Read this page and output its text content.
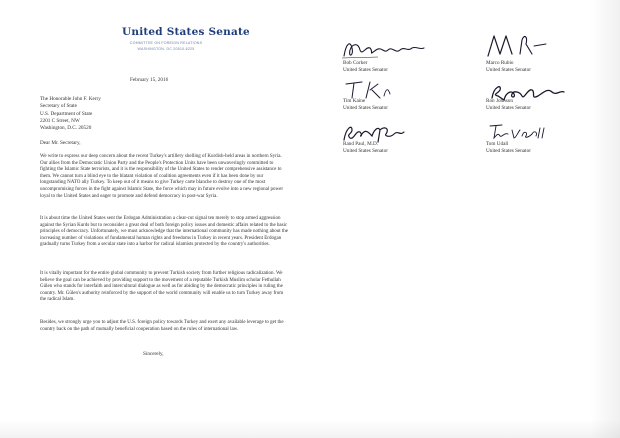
United States Senate
COMMITTEE ON FOREIGN RELATIONS
WASHINGTON, DC 20510-6225
February 15, 2016
The Honorable John F. Kerry
Secretary of State
U.S. Department of State
2201 C Street, NW
Washington, D.C. 20520
Dear Mr. Secretary,

We write to express our deep concern about the recent Turkey's artillery shelling of Kurdish-held areas in northern Syria. Our allies from the Democratic Union Party and the People's Protection Units have been unwaveringly committed to fighting the Islamic State terrorists, and it is the responsibility of the United States to render comprehensive assistance to them. We cannot turn a blind eye to the blatant violation of coalition agreements even if it has been done by our longstanding NATO ally Turkey. To keep out of it means to give Turkey carte blanche to destroy one of the most uncompromising forces in the fight against Islamic State, the force which may in future evolve into a new regional power loyal to the United States and eager to promote and defend democracy in post-war Syria.

It is about time the United States sent the Erdogan Administration a clear-cut signal ten merely to stop armed aggression against the Syrian Kurds but to reconsider a great deal of both foreign policy issues and domestic affairs related to the basic principles of democracy. Unfortunately, we must acknowledge that the international community has made nothing about the increasing number of violations of fundamental human rights and freedoms in Turkey in recent years. President Erdogan gradually turns Turkey from a secular state into a harbor for radical islamists protected by the country's authorities.

It is vitally important for the entire global community to prevent Turkish society from further religious radicalization. We believe the goal can be achieved by providing support to the movement of a reputable Turkish Muslim scholar Fethullah Gülen who stands for interfaith and intercultural dialogue as well as for abiding by the democratic principles in ruling the country. Mr. Gülen's authority reinforced by the support of the world community will enable us to turn Turkey away from the radical Islam.

Besides, we strongly urge you to adjust the U.S. foreign policy towards Turkey and exert any available leverage to get the country back on the path of mutually beneficial cooperation based on the rules of international law.

Sincerely,
Bob Corker
United States Senator
Marco Rubio
United States Senator
Tim Kaine
United States Senator
Ron Johnson
United States Senator
Rand Paul, M.D.
United States Senator
Tom Udall
United States Senator
